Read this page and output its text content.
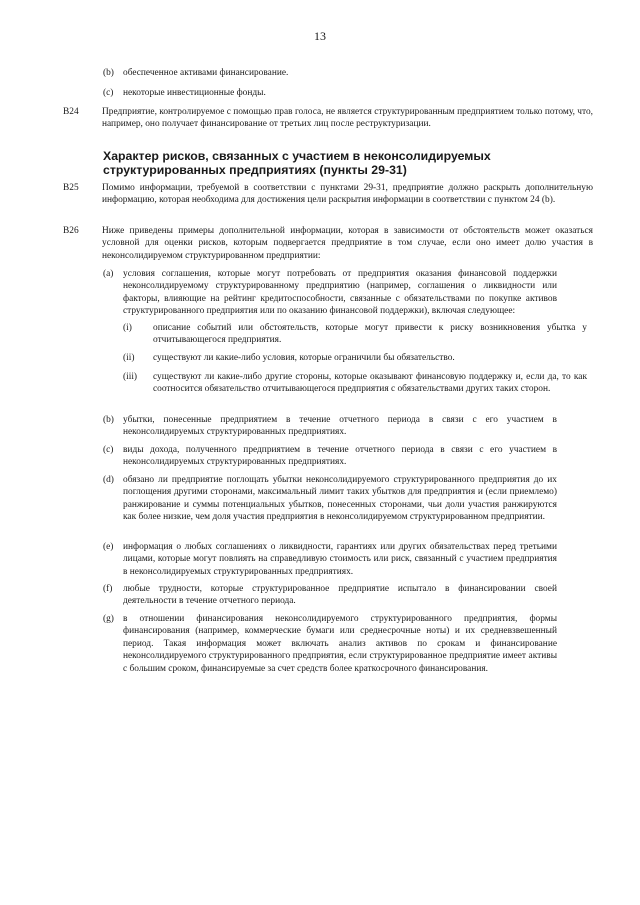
13
(b) обеспеченное активами финансирование.
(c) некоторые инвестиционные фонды.
B24 Предприятие, контролируемое с помощью прав голоса, не является структурированным предприятием только потому, что, например, оно получает финансирование от третьих лиц после реструктуризации.
Характер рисков, связанных с участием в неконсолидируемых структурированных предприятиях (пункты 29-31)
B25 Помимо информации, требуемой в соответствии с пунктами 29-31, предприятие должно раскрыть дополнительную информацию, которая необходима для достижения цели раскрытия информации в соответствии с пунктом 24 (b).
B26 Ниже приведены примеры дополнительной информации, которая в зависимости от обстоятельств может оказаться условной для оценки рисков, которым подвергается предприятие в том случае, если оно имеет долю участия в неконсолидируемом структурированном предприятии:
(a) условия соглашения, которые могут потребовать от предприятия оказания финансовой поддержки неконсолидируемому структурированному предприятию (например, соглашения о ликвидности или факторы, влияющие на рейтинг кредитоспособности, связанные с обязательствами по покупке активов структурированного предприятия или по оказанию финансовой поддержки), включая следующее:
(i) описание событий или обстоятельств, которые могут привести к риску возникновения убытка у отчитывающегося предприятия.
(ii) существуют ли какие-либо условия, которые ограничили бы обязательство.
(iii) существуют ли какие-либо другие стороны, которые оказывают финансовую поддержку и, если да, то как соотносится обязательство отчитывающегося предприятия с обязательствами других таких сторон.
(b) убытки, понесенные предприятием в течение отчетного периода в связи с его участием в неконсолидируемых структурированных предприятиях.
(c) виды дохода, полученного предприятием в течение отчетного периода в связи с его участием в неконсолидируемых структурированных предприятиях.
(d) обязано ли предприятие поглощать убытки неконсолидируемого структурированного предприятия до их поглощения другими сторонами, максимальный лимит таких убытков для предприятия и (если приемлемо) ранжирование и суммы потенциальных убытков, понесенных сторонами, чьи доли участия ранжируются как более низкие, чем доля участия предприятия в неконсолидируемом структурированном предприятии.
(e) информация о любых соглашениях о ликвидности, гарантиях или других обязательствах перед третьими лицами, которые могут повлиять на справедливую стоимость или риск, связанный с участием предприятия в неконсолидируемых структурированных предприятиях.
(f) любые трудности, которые структурированное предприятие испытало в финансировании своей деятельности в течение отчетного периода.
(g) в отношении финансирования неконсолидируемого структурированного предприятия, формы финансирования (например, коммерческие бумаги или среднесрочные ноты) и их средневзвешенный период. Такая информация может включать анализ активов по срокам и финансирование неконсолидируемого структурированного предприятия, если структурированное предприятие имеет активы с большим сроком, финансируемые за счет средств более краткосрочного финансирования.
